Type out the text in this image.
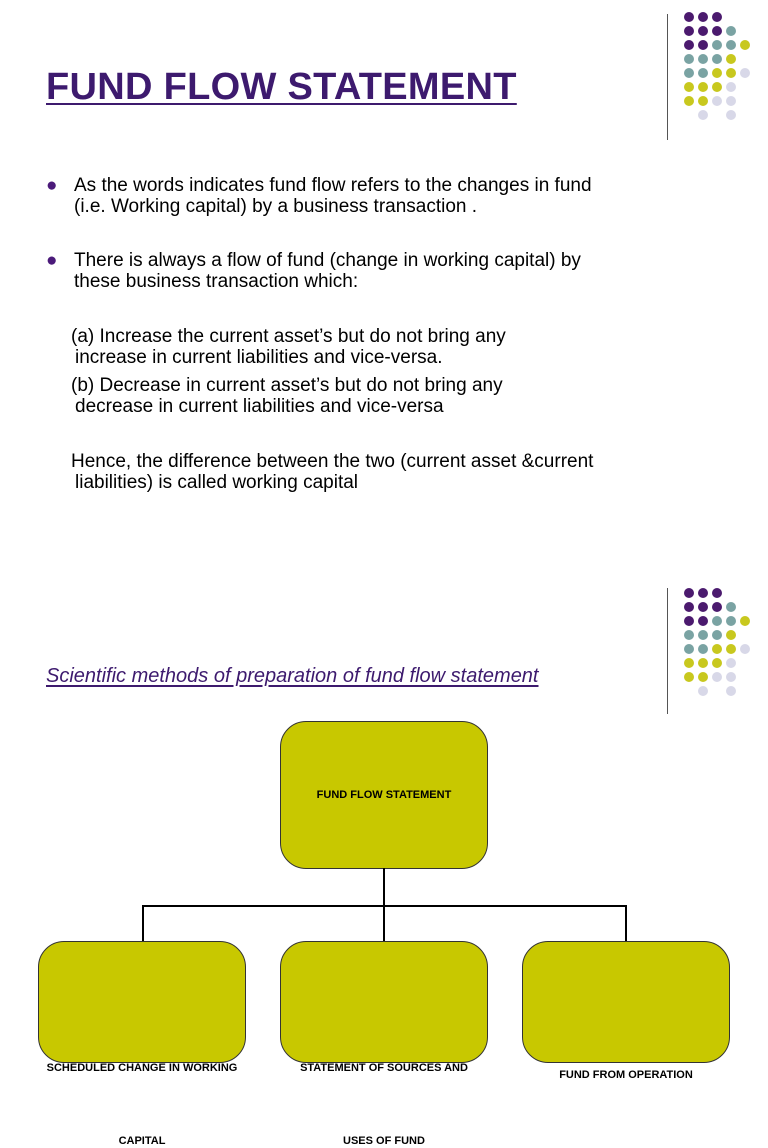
FUND FLOW STATEMENT
● As the words indicates fund flow refers to the changes in fund
(i.e. Working capital) by a business transaction .
● There is always a flow of fund (change in working capital) by
these business transaction which:
(a) Increase the current asset’s but do not bring any
increase in current liabilities and vice-versa.
(b) Decrease in current asset’s but do not bring any
decrease in current liabilities and vice-versa
Hence, the difference between the two (current asset &current
liabilities) is called working capital
Scientific methods of preparation of fund flow statement
FUND FLOW STATEMENT
SCHEDULED CHANGE IN WORKING
CAPITAL
STATEMENT OF SOURCES AND
USES OF FUND
FUND FROM OPERATION
